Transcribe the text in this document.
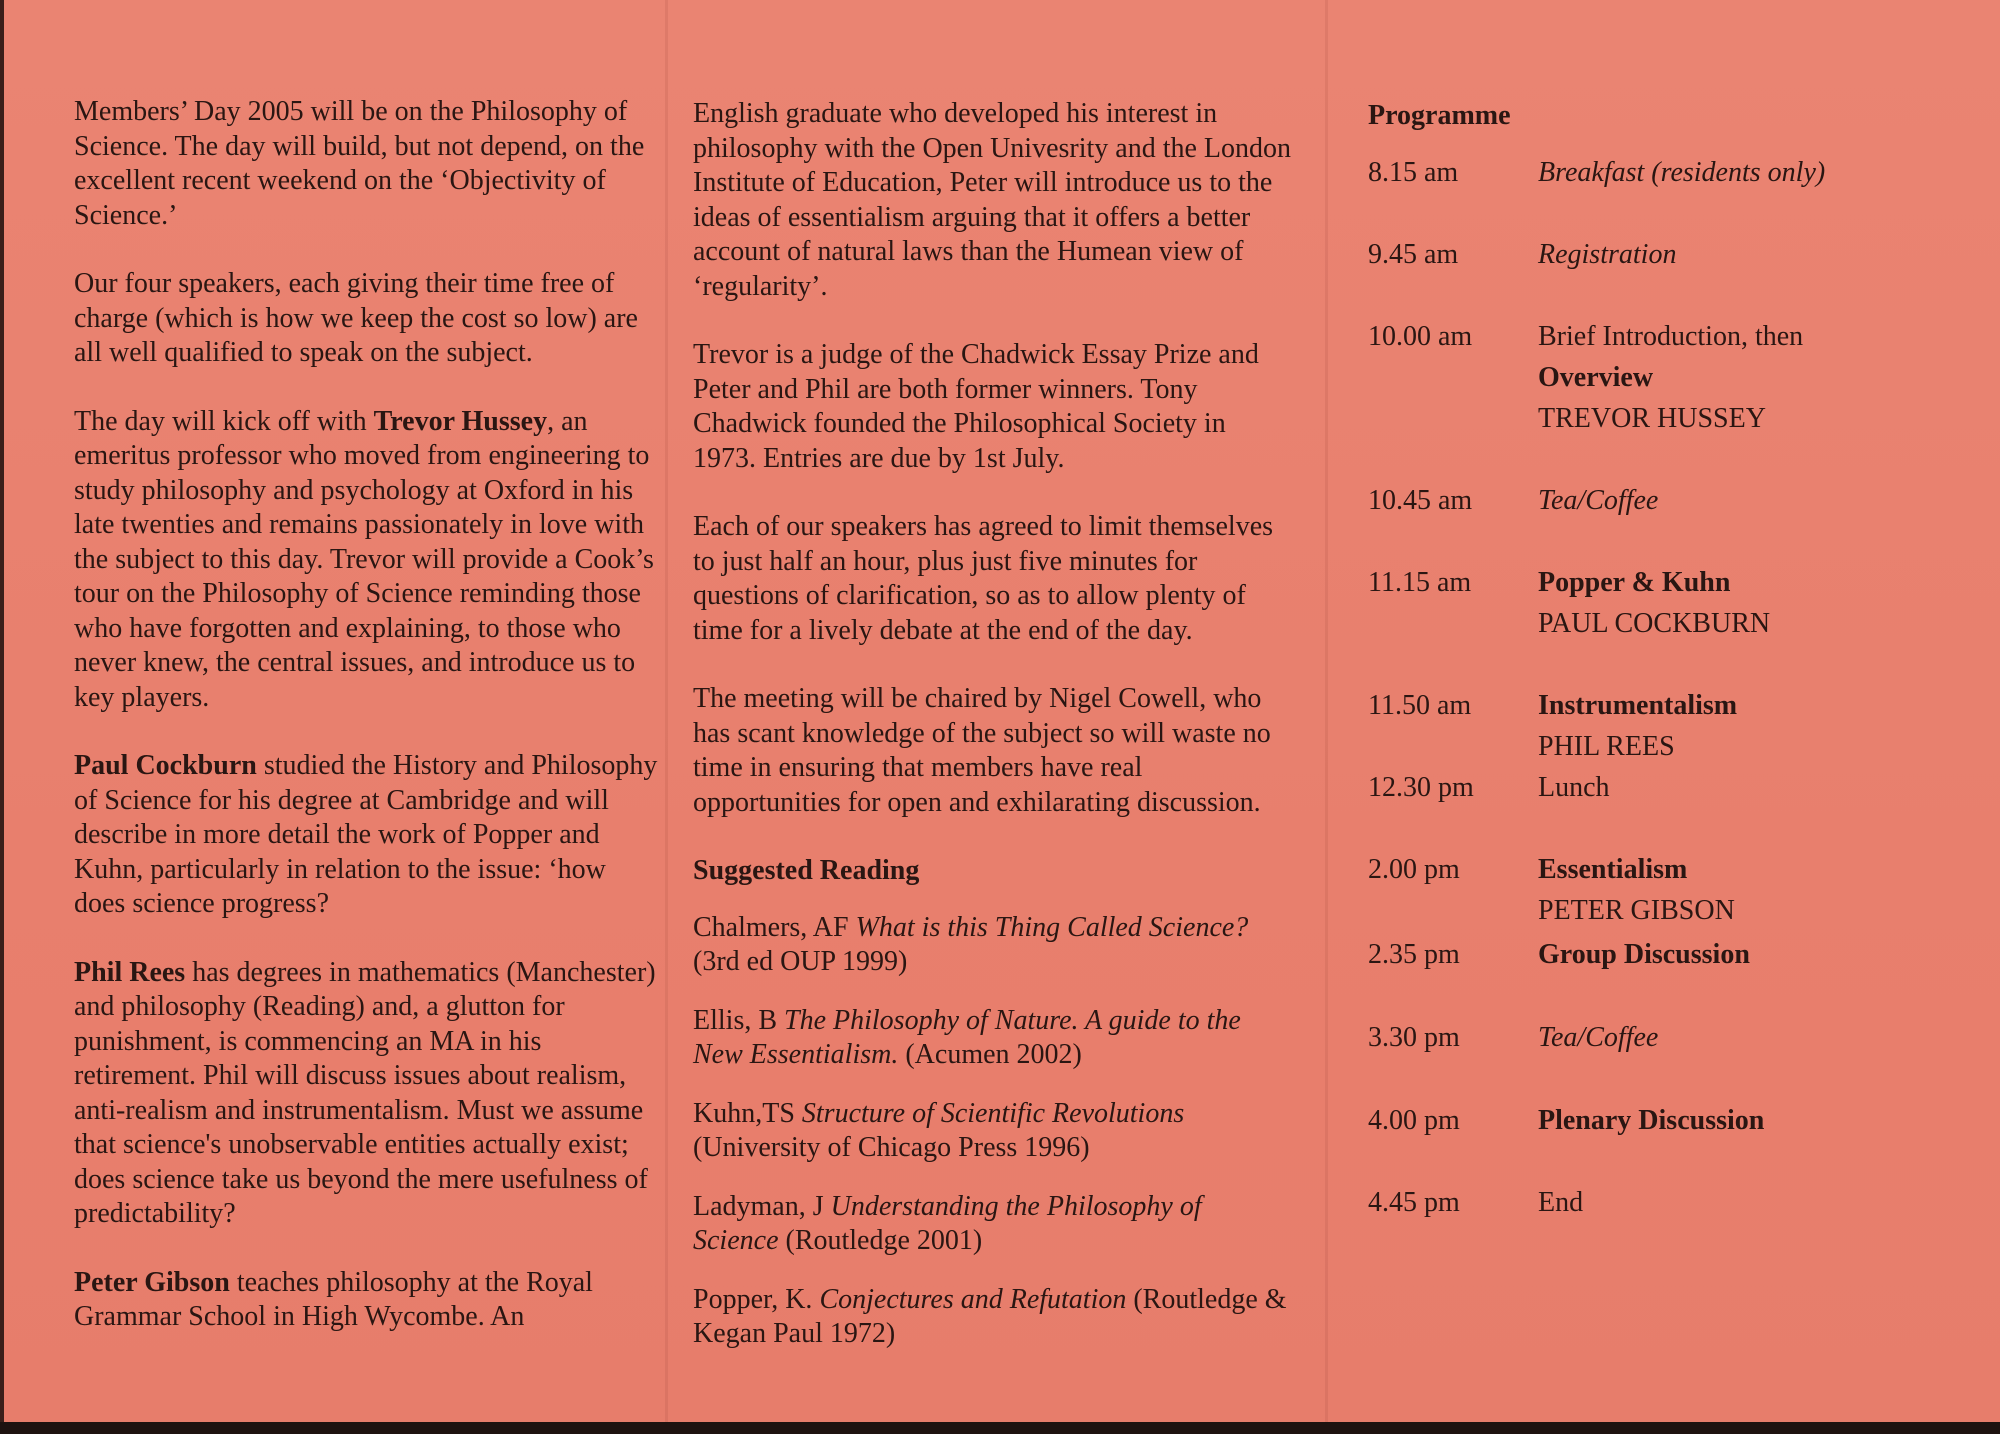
Members’ Day 2005 will be on the Philosophy of Science. The day will build, but not depend, on the excellent recent weekend on the ‘Objectivity of Science.’

Our four speakers, each giving their time free of charge (which is how we keep the cost so low) are all well qualified to speak on the subject.

The day will kick off with Trevor Hussey, an emeritus professor who moved from engineering to study philosophy and psychology at Oxford in his late twenties and remains passionately in love with the subject to this day. Trevor will provide a Cook’s tour on the Philosophy of Science reminding those who have forgotten and explaining, to those who never knew, the central issues, and introduce us to key players.

Paul Cockburn studied the History and Philosophy of Science for his degree at Cambridge and will describe in more detail the work of Popper and Kuhn, particularly in relation to the issue: ‘how does science progress?

Phil Rees has degrees in mathematics (Manchester) and philosophy (Reading) and, a glutton for punishment, is commencing an MA in his retirement. Phil will discuss issues about realism, anti-realism and instrumentalism. Must we assume that science's unobservable entities actually exist; does science take us beyond the mere usefulness of predictability?

Peter Gibson teaches philosophy at the Royal Grammar School in High Wycombe. An

English graduate who developed his interest in philosophy with the Open Univesrity and the London Institute of Education, Peter will introduce us to the ideas of essentialism arguing that it offers a better account of natural laws than the Humean view of ‘regularity’.

Trevor is a judge of the Chadwick Essay Prize and Peter and Phil are both former winners. Tony Chadwick founded the Philosophical Society in 1973. Entries are due by 1st July.

Each of our speakers has agreed to limit themselves to just half an hour, plus just five minutes for questions of clarification, so as to allow plenty of time for a lively debate at the end of the day.

The meeting will be chaired by Nigel Cowell, who has scant knowledge of the subject so will waste no time in ensuring that members have real opportunities for open and exhilarating discussion.

Suggested Reading
Chalmers, AF What is this Thing Called Science? (3rd ed OUP 1999)
Ellis, B The Philosophy of Nature. A guide to the New Essentialism. (Acumen 2002)
Kuhn,TS Structure of Scientific Revolutions (University of Chicago Press 1996)
Ladyman, J Understanding the Philosophy of Science (Routledge 2001)
Popper, K. Conjectures and Refutation (Routledge & Kegan Paul 1972)
Programme
8.15 am	Breakfast (residents only)
9.45 am	Registration
10.00 am Brief Introduction, then
Overview
TREVOR HUSSEY
10.45 am Tea/Coffee
11.15 am Popper & Kuhn
PAUL COCKBURN
11.50 am Instrumentalism
PHIL REES
12.30 pm Lunch
2.00 pm	Essentialism
PETER GIBSON
2.35 pm	Group Discussion
3.30 pm	Tea/Coffee
4.00 pm	Plenary Discussion
4.45 pm	End
